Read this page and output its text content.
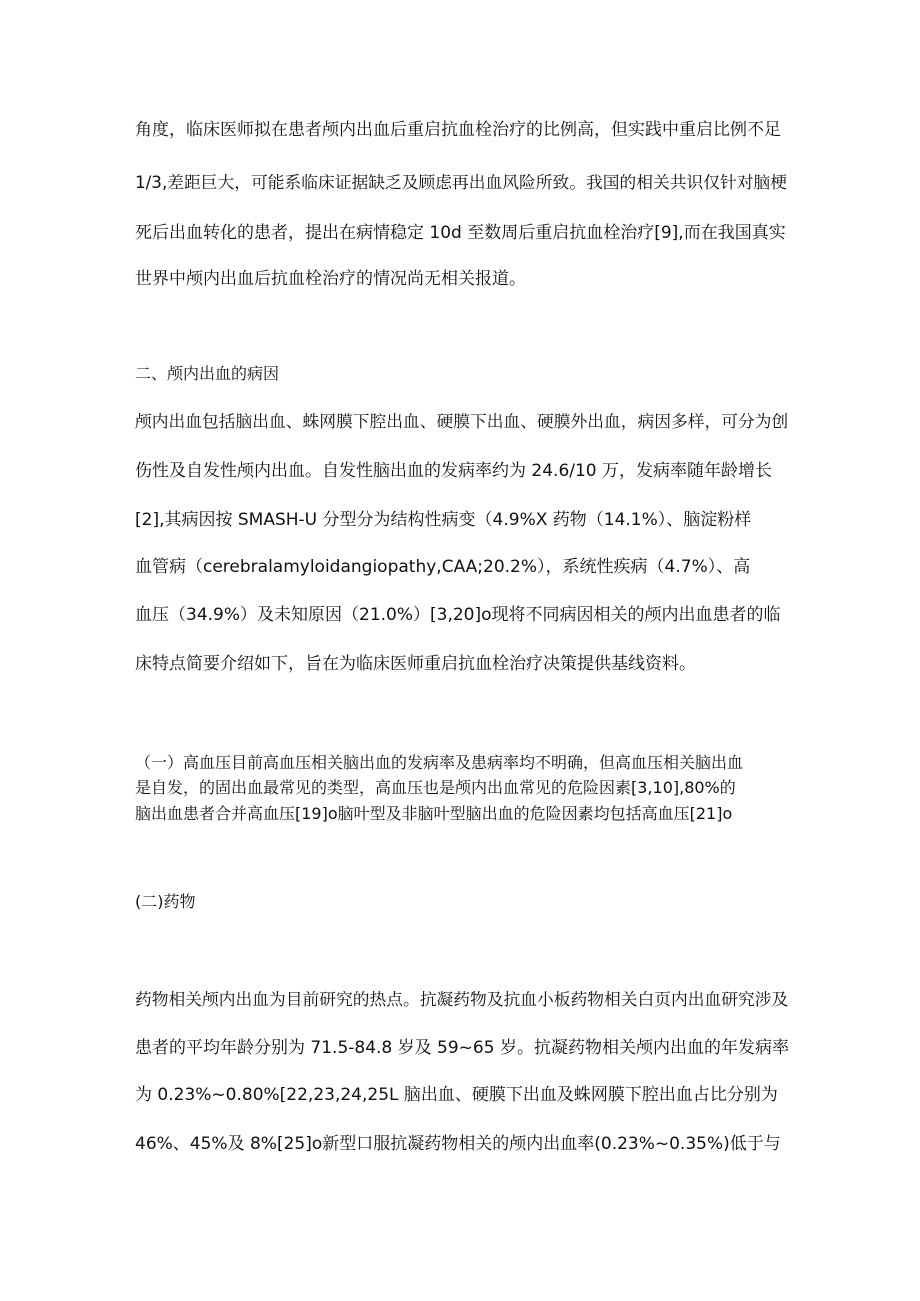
角度，临床医师拟在患者颅内出血后重启抗血栓治疗的比例高，但实践中重启比例不足
1/3,差距巨大，可能系临床证据缺乏及顾虑再出血风险所致。我国的相关共识仅针对脑梗
死后出血转化的患者，提出在病情稳定 10d 至数周后重启抗血栓治疗[9],而在我国真实
世界中颅内出血后抗血栓治疗的情况尚无相关报道。
二、颅内出血的病因
颅内出血包括脑出血、蛛网膜下腔出血、硬膜下出血、硬膜外出血，病因多样，可分为创
伤性及自发性颅内出血。自发性脑出血的发病率约为 24.6/10 万，发病率随年龄增长
[2],其病因按 SMASH-U 分型分为结构性病变（4.9%X 药物（14.1%）、脑淀粉样
血管病（cerebralamyloidangiopathy,CAA;20.2%），系统性疾病（4.7%）、高
血压（34.9%）及未知原因（21.0%）[3,20]o现将不同病因相关的颅内出血患者的临
床特点简要介绍如下，旨在为临床医师重启抗血栓治疗决策提供基线资料。
（一）高血压目前高血压相关脑出血的发病率及患病率均不明确，但高血压相关脑出血
是自发，的固出血最常见的类型，高血压也是颅内出血常见的危险因素[3,10],80%的
脑出血患者合并高血压[19]o脑叶型及非脑叶型脑出血的危险因素均包括高血压[21]o
(二)药物
药物相关颅内出血为目前研究的热点。抗凝药物及抗血小板药物相关白页内出血研究涉及
患者的平均年龄分别为 71.5-84.8 岁及 59~65 岁。抗凝药物相关颅内出血的年发病率
为 0.23%~0.80%[22,23,24,25L 脑出血、硬膜下出血及蛛网膜下腔出血占比分别为
46%、45%及 8%[25]o新型口服抗凝药物相关的颅内出血率(0.23%~0.35%)低于与
